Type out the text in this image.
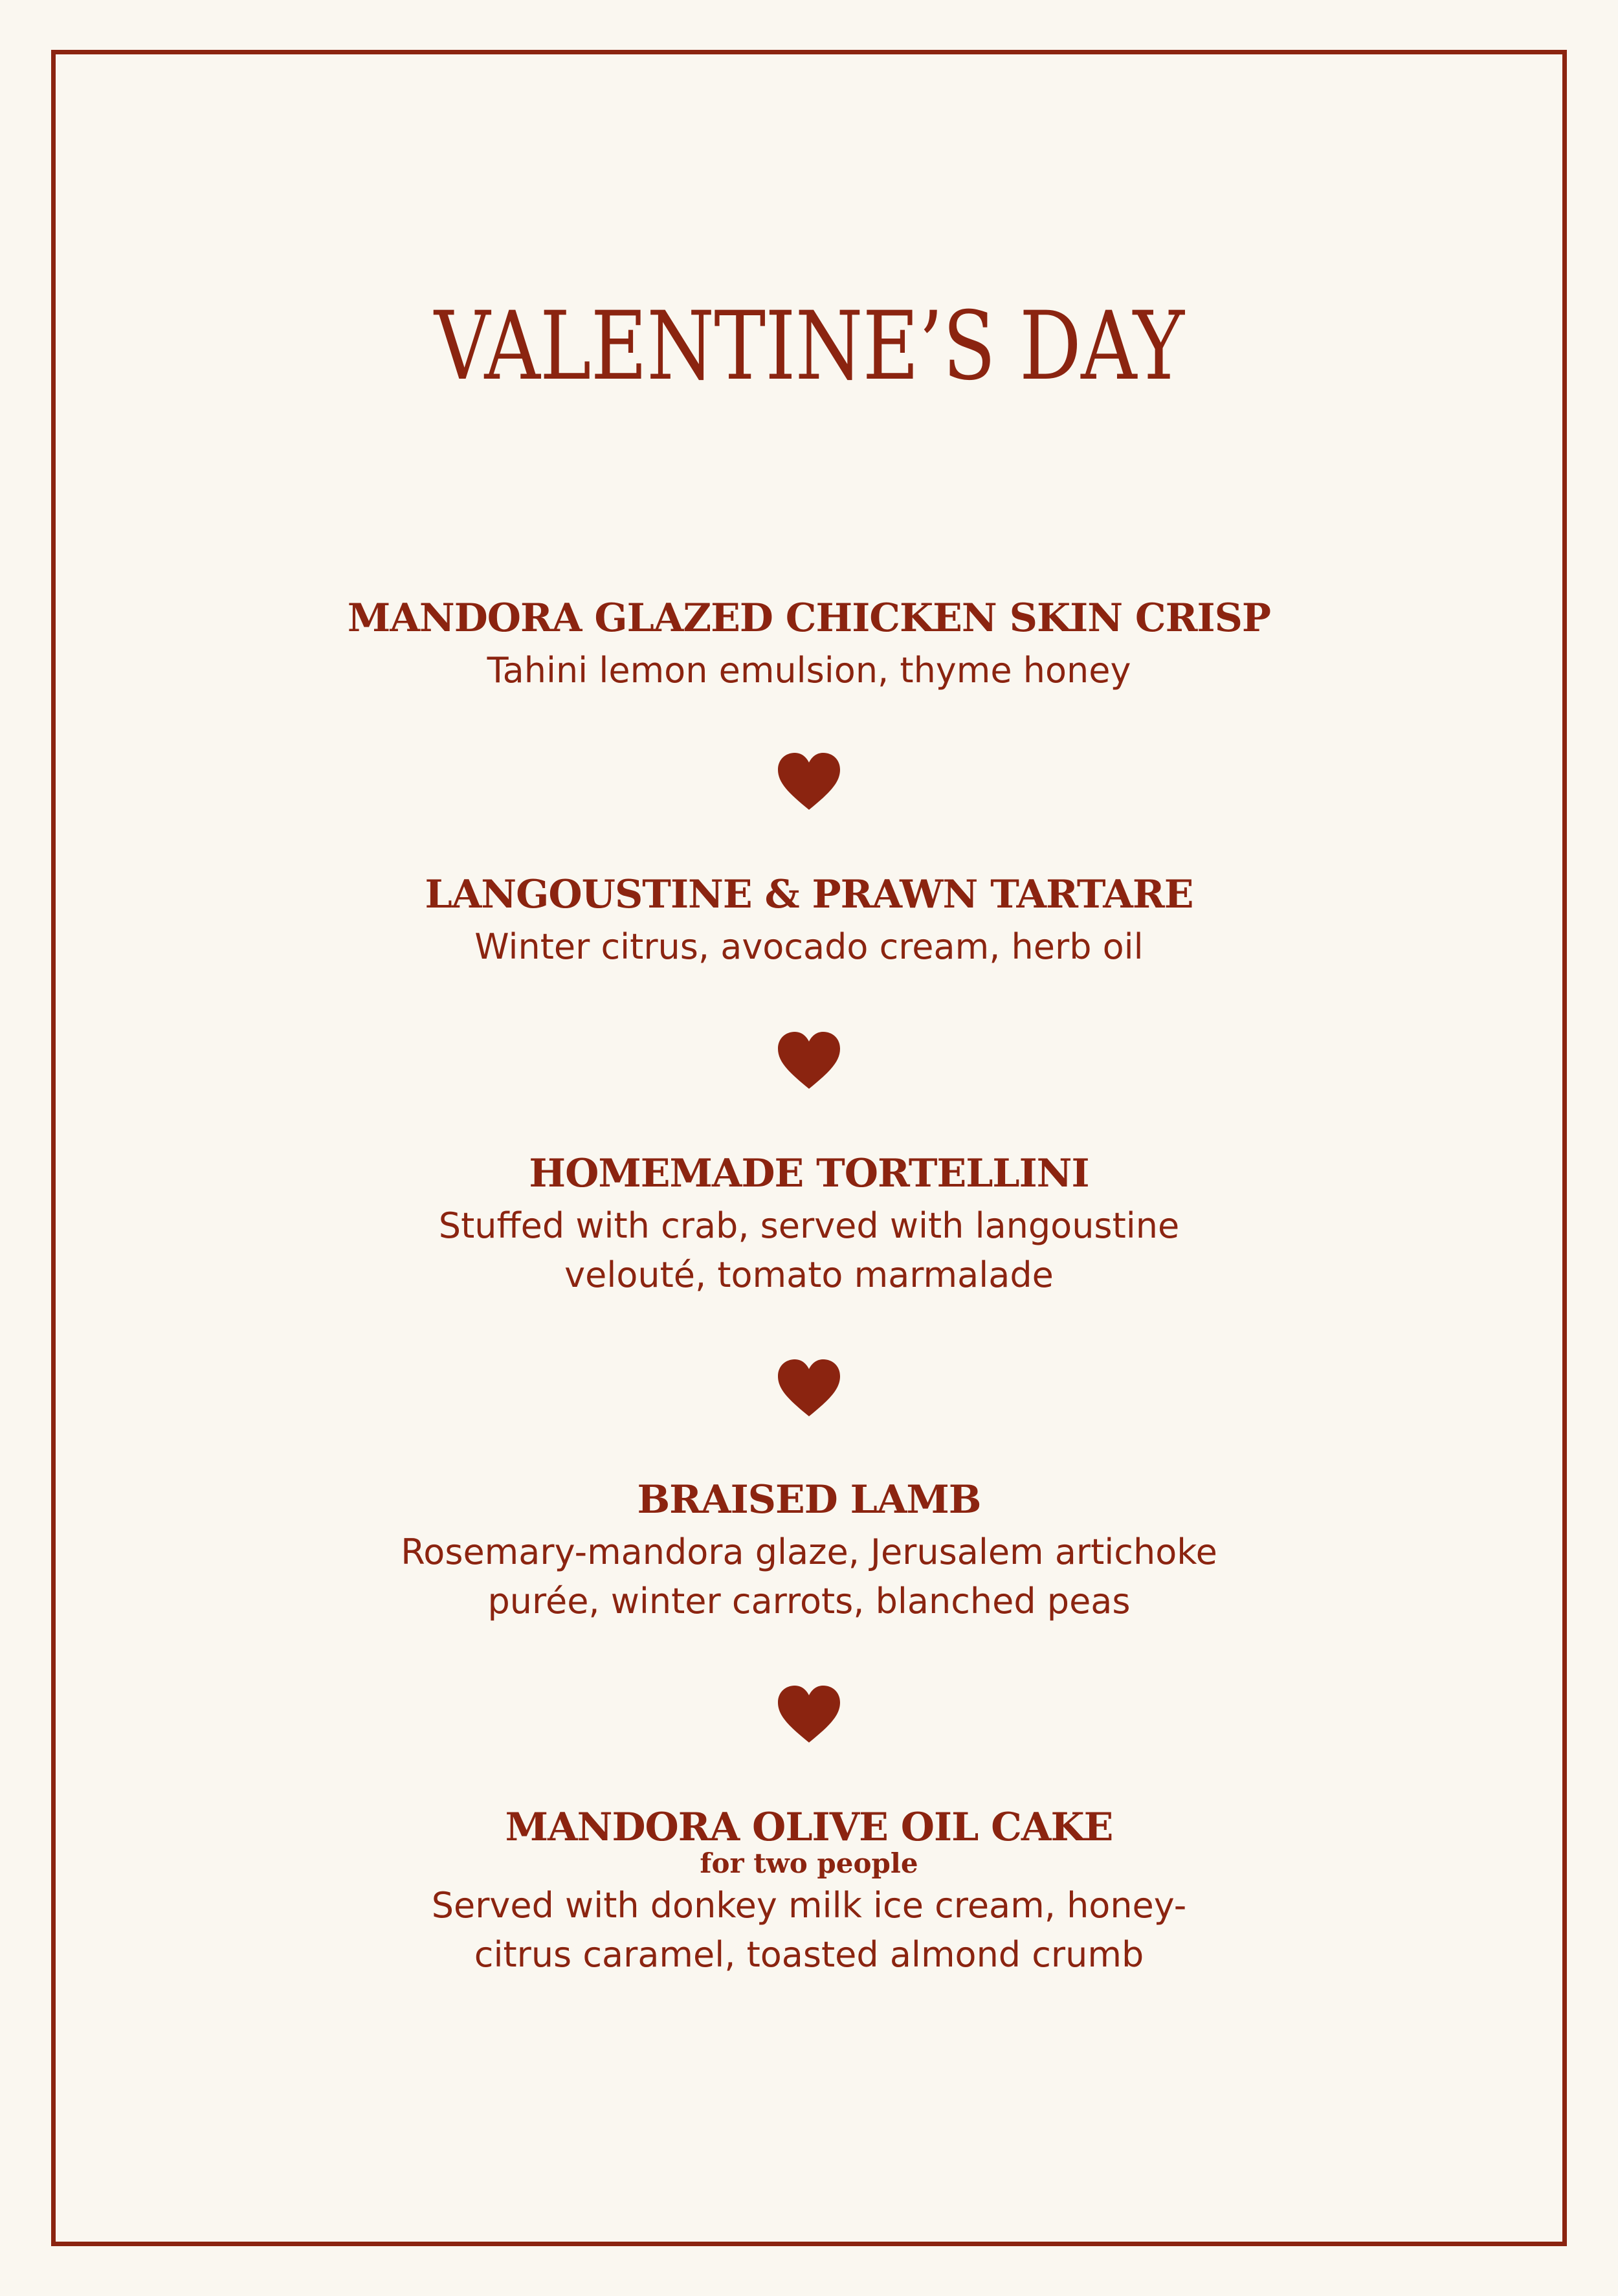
VALENTINE’S DAY
MANDORA GLAZED CHICKEN SKIN CRISP
Tahini lemon emulsion, thyme honey
LANGOUSTINE & PRAWN TARTARE
Winter citrus, avocado cream, herb oil
HOMEMADE TORTELLINI
Stuffed with crab, served with langoustine velouté, tomato marmalade
BRAISED LAMB
Rosemary-mandora glaze, Jerusalem artichoke purée, winter carrots, blanched peas
MANDORA OLIVE OIL CAKE
for two people
Served with donkey milk ice cream, honey-citrus caramel, toasted almond crumb
